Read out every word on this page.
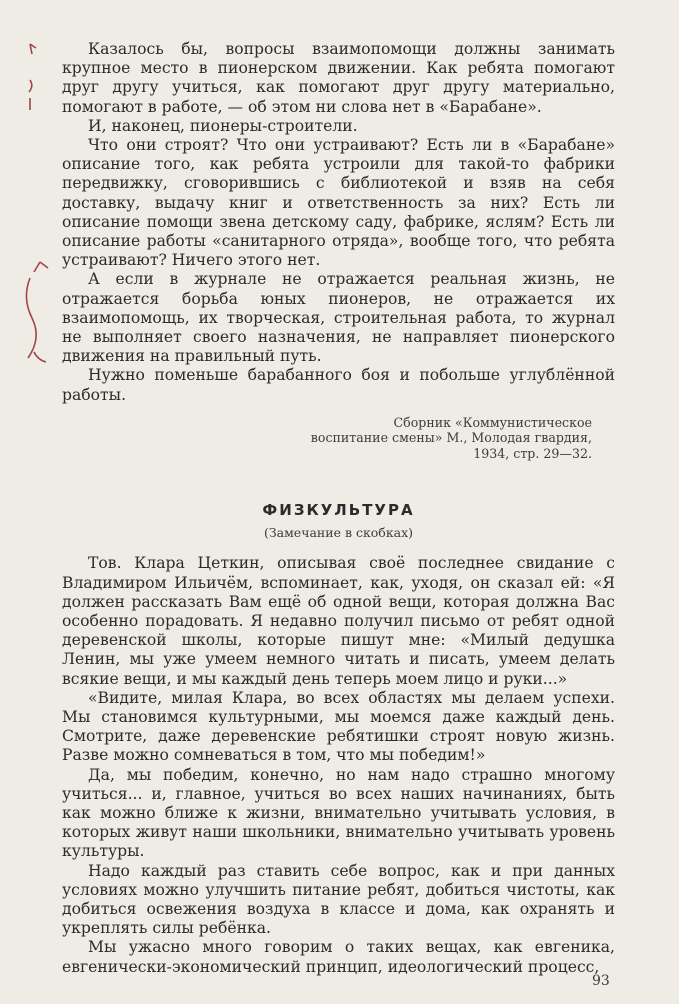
Казалось бы, вопросы взаимопомощи должны занимать крупное место в пионерском движении. Как ребята помогают друг другу учиться, как помогают друг другу материально, помогают в работе, — об этом ни слова нет в «Барабане».

И, наконец, пионеры-строители.

Что они строят? Что они устраивают? Есть ли в «Барабане» описание того, как ребята устроили для такой-то фабрики передвижку, сговорившись с библиотекой и взяв на себя доставку, выдачу книг и ответственность за них? Есть ли описание помощи звена детскому саду, фабрике, яслям? Есть ли описание работы «санитарного отряда», вообще того, что ребята устраивают? Ничего этого нет.

А если в журнале не отражается реальная жизнь, не отражается борьба юных пионеров, не отражается их взаимопомощь, их творческая, строительная работа, то журнал не выполняет своего назначения, не направляет пионерского движения на правильный путь.

Нужно поменьше барабанного боя и побольше углублённой работы.

Сборник «Коммунистическое
воспитание смены» М., Молодая гвардия,
1934, стр. 29—32.
ФИЗКУЛЬТУРА
(Замечание в скобках)

Тов. Клара Цеткин, описывая своё последнее свидание с Владимиром Ильичём, вспоминает, как, уходя, он сказал ей: «Я должен рассказать Вам ещё об одной вещи, которая должна Вас особенно порадовать. Я недавно получил письмо от ребят одной деревенской школы, которые пишут мне: «Милый дедушка Ленин, мы уже умеем немного читать и писать, умеем делать всякие вещи, и мы каждый день теперь моем лицо и руки...»

«Видите, милая Клара, во всех областях мы делаем успехи. Мы становимся культурными, мы моемся даже каждый день. Смотрите, даже деревенские ребятишки строят новую жизнь. Разве можно сомневаться в том, что мы победим!»

Да, мы победим, конечно, но нам надо страшно многому учиться... и, главное, учиться во всех наших начинаниях, быть как можно ближе к жизни, внимательно учитывать условия, в которых живут наши школьники, внимательно учитывать уровень культуры.

Надо каждый раз ставить себе вопрос, как и при данных условиях можно улучшить питание ребят, добиться чистоты, как добиться освежения воздуха в классе и дома, как охранять и укреплять силы ребёнка.

Мы ужасно много говорим о таких вещах, как евгеника, евгенически-экономический принцип, идеологический процесс,

93
